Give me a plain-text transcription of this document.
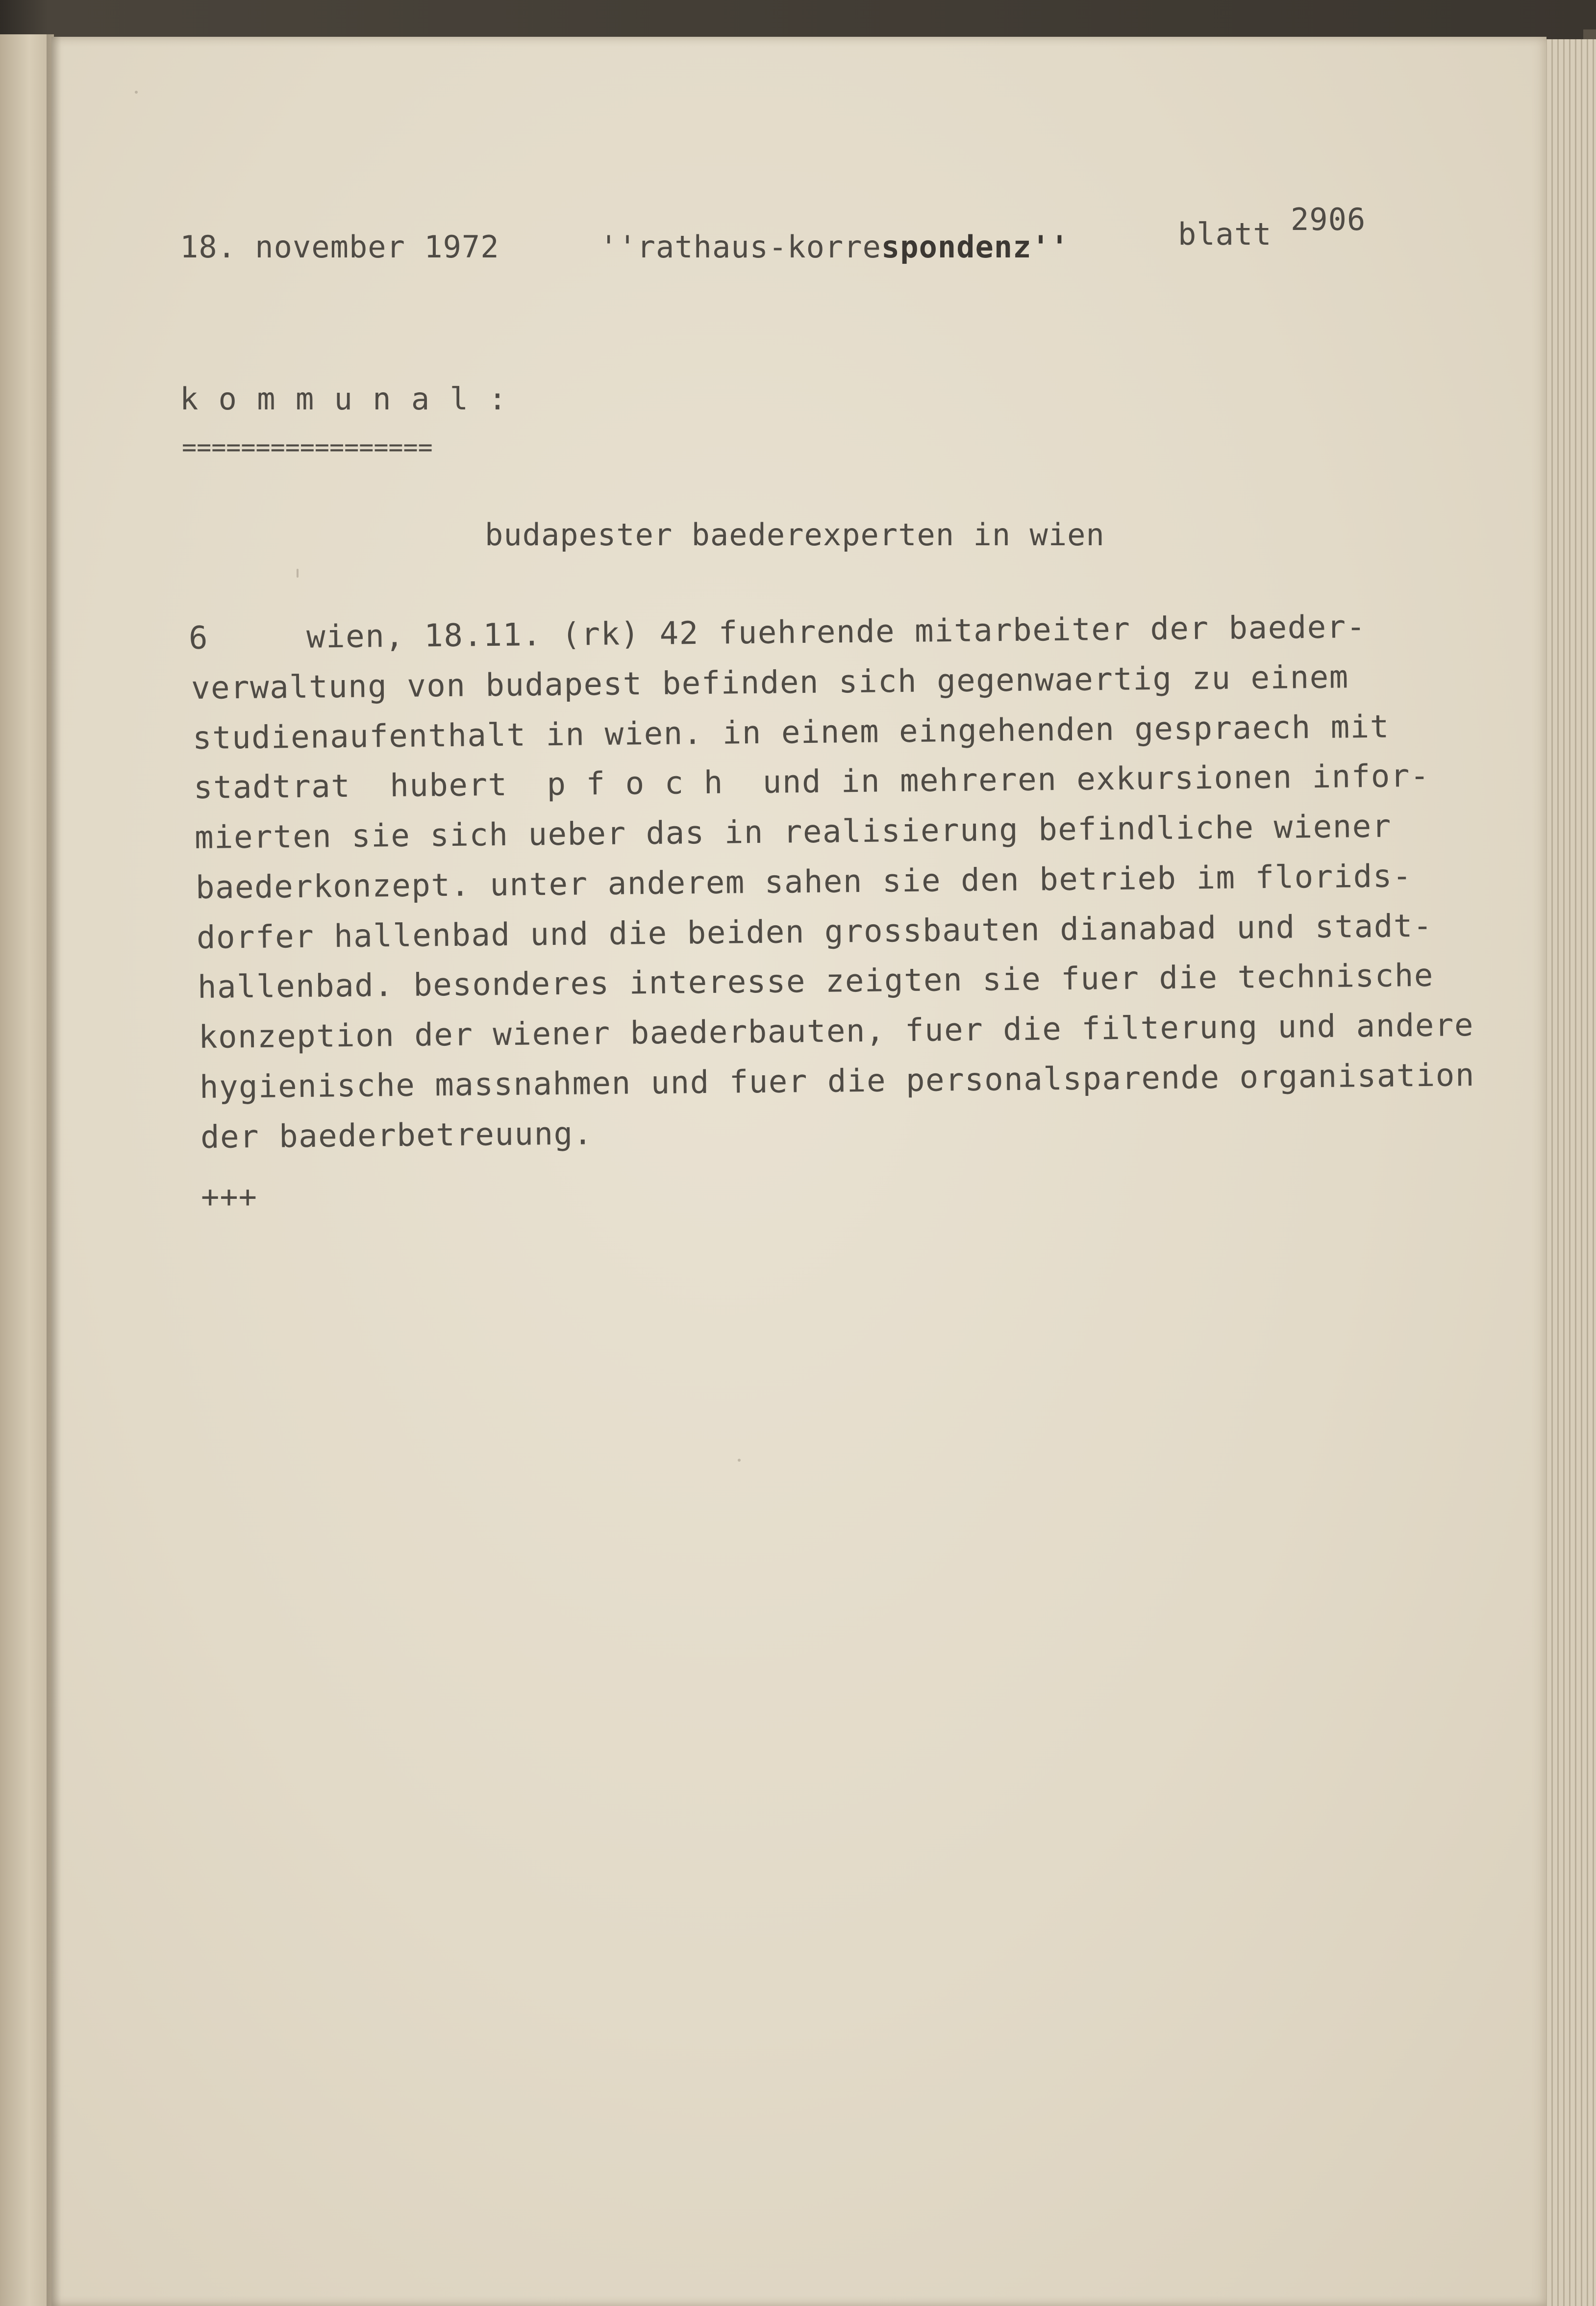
18. november 1972	''rathaus-korrespondenz''	blatt 2906

k o m m u n a l :

=================

budapester baederexperten in wien

6     wien, 18.11. (rk) 42 fuehrende mitarbeiter der baeder-

verwaltung von budapest befinden sich gegenwaertig zu einem

studienaufenthalt in wien. in einem eingehenden gespraech mit

stadtrat  hubert  p f o c h  und in mehreren exkursionen infor-

mierten sie sich ueber das in realisierung befindliche wiener

baederkonzept. unter anderem sahen sie den betrieb im florids-

dorfer hallenbad und die beiden grossbauten dianabad und stadt-

hallenbad. besonderes interesse zeigten sie fuer die technische

konzeption der wiener baederbauten, fuer die filterung und andere

hygienische massnahmen und fuer die personalsparende organisation

der baederbetreuung.

+++
